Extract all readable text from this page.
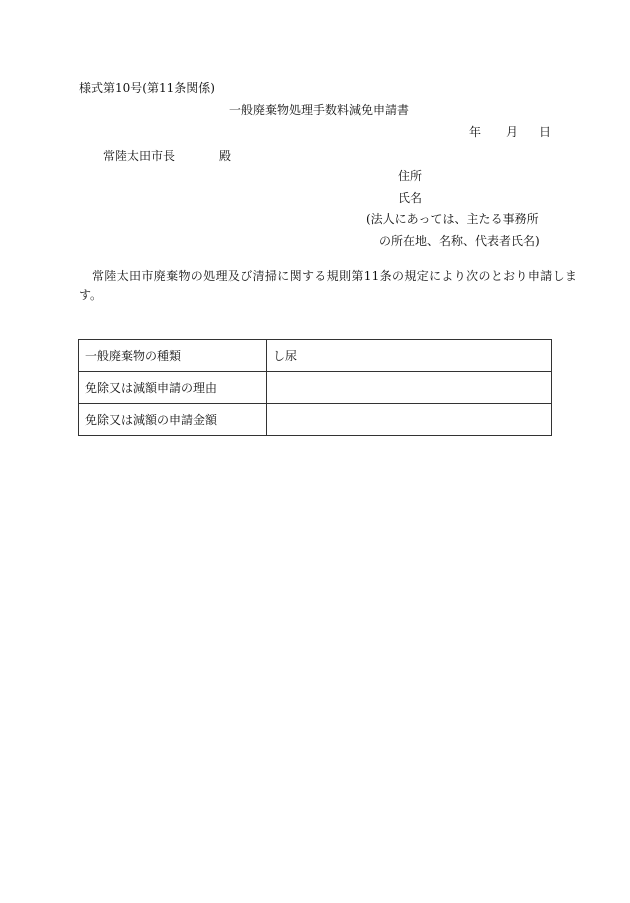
様式第10号(第11条関係)
一般廃棄物処理手数料減免申請書
年 月 日
常陸太田市長	殿
住所
氏名
(法人にあっては、主たる事務所
の所在地、名称、代表者氏名)
常陸太田市廃棄物の処理及び清掃に関する規則第11条の規定により次のとおり申請しま
す。
一般廃棄物の種類	し尿
免除又は減額申請の理由	
免除又は減額の申請金額	
